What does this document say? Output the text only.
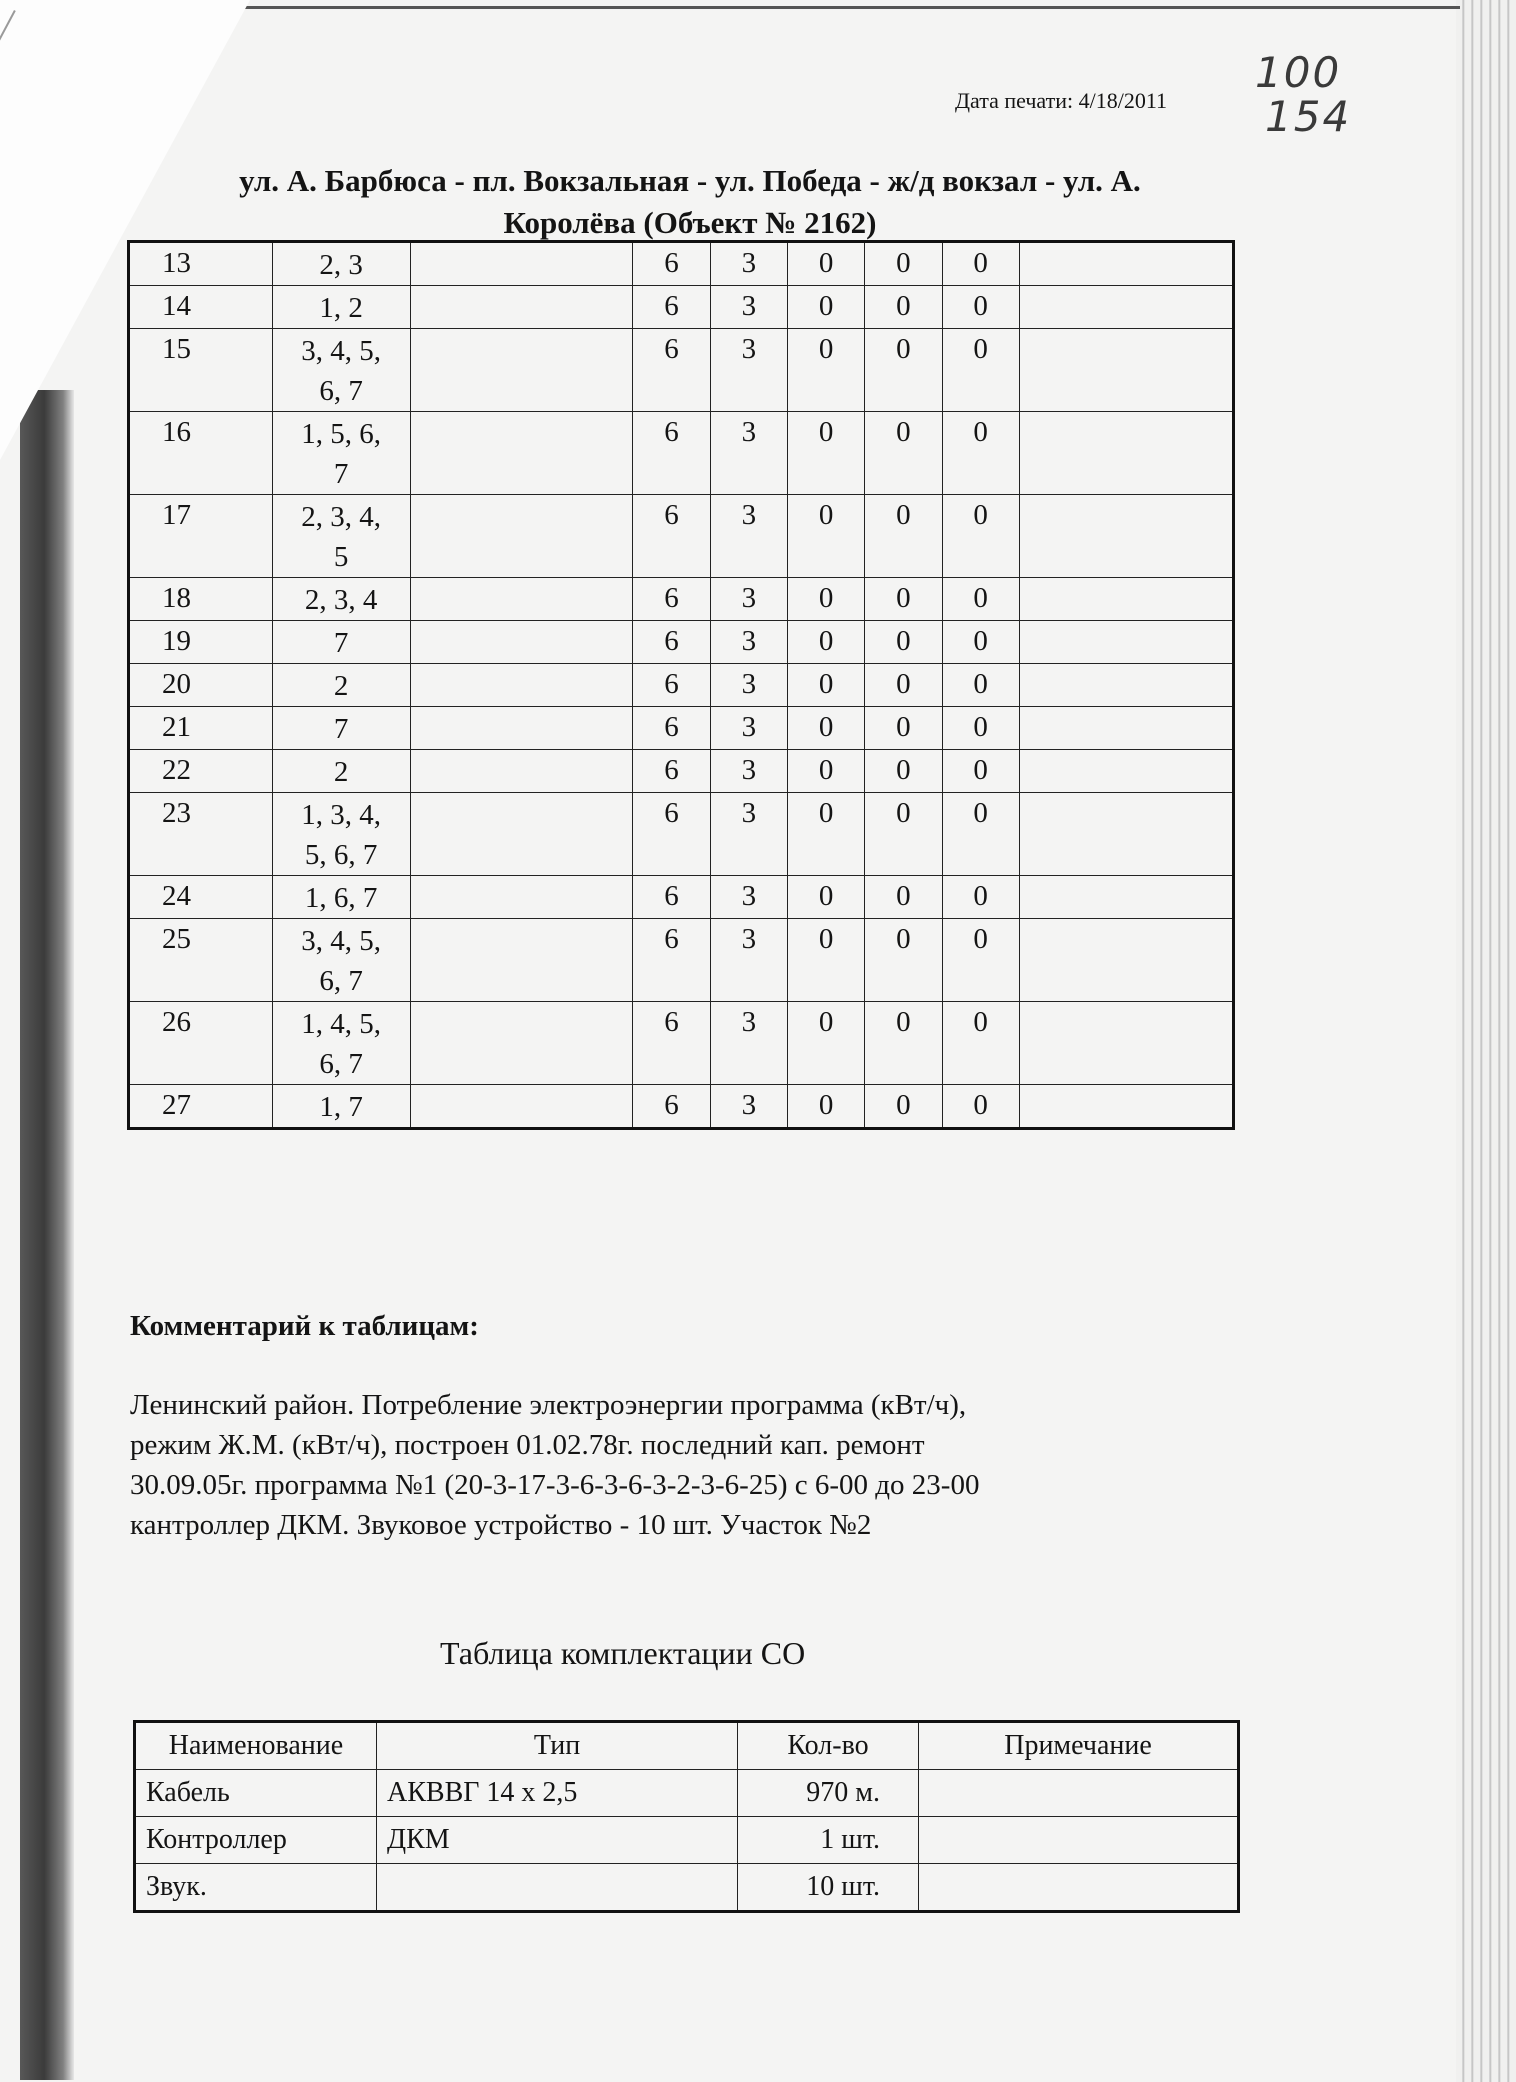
Дата печати: 4/18/2011
100
154
ул. А. Барбюса - пл. Вокзальная - ул. Победа - ж/д вокзал - ул. А.
Королёва (Объект № 2162)
13	2, 3		6	3	0	0	0	
14	1, 2		6	3	0	0	0	
15	3, 4, 5,
6, 7		6	3	0	0	0	
16	1, 5, 6,
7		6	3	0	0	0	
17	2, 3, 4,
5		6	3	0	0	0	
18	2, 3, 4		6	3	0	0	0	
19	7		6	3	0	0	0	
20	2		6	3	0	0	0	
21	7		6	3	0	0	0	
22	2		6	3	0	0	0	
23	1, 3, 4,
5, 6, 7		6	3	0	0	0	
24	1, 6, 7		6	3	0	0	0	
25	3, 4, 5,
6, 7		6	3	0	0	0	
26	1, 4, 5,
6, 7		6	3	0	0	0	
27	1, 7		6	3	0	0	0	
Комментарий к таблицам:
Ленинский район. Потребление электроэнергии программа (кВт/ч),
режим Ж.М. (кВт/ч), построен 01.02.78г. последний кап. ремонт
30.09.05г. программа №1 (20-3-17-3-6-3-6-3-2-3-6-25) с 6-00 до 23-00
кантроллер ДКМ. Звуковое устройство - 10 шт. Участок №2
Таблица комплектации СО
Наименование	Тип	Кол-во	Примечание
Кабель	АКВВГ 14 х 2,5	970 м.	
Контроллер	ДКМ	1 шт.	
Звук.		10 шт.	
